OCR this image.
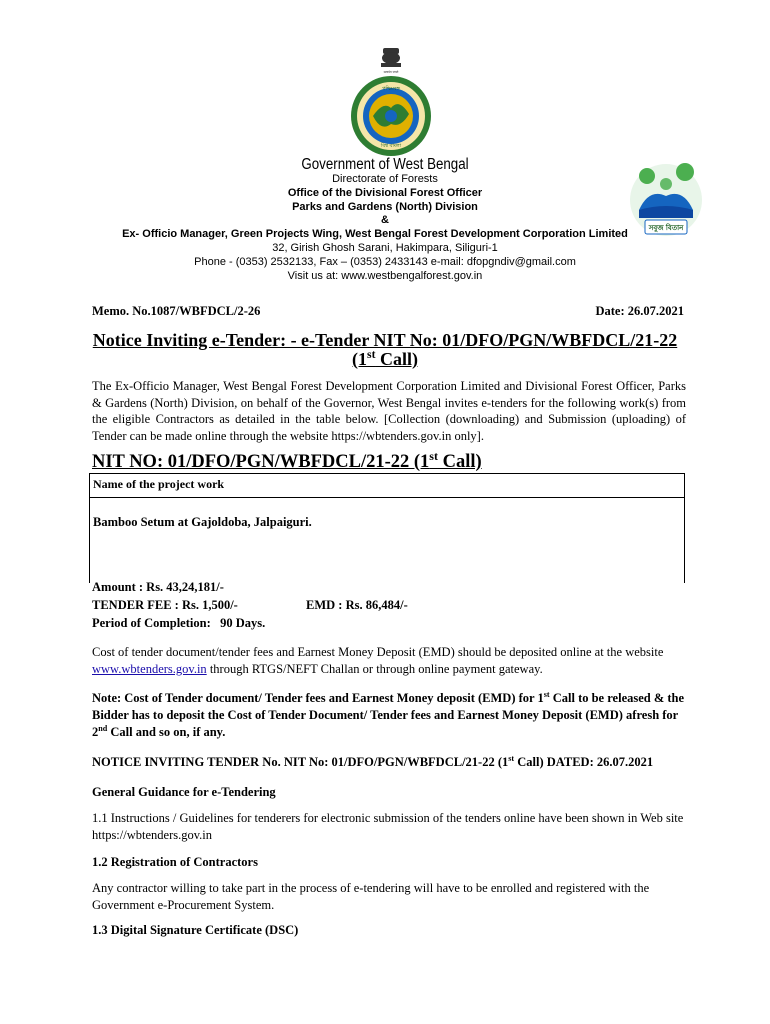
सत्यमेव जयते
পশ্চিমবঙ্গ
বিশ্ব বাংলা
সবুজ বিতান
Government of West Bengal
Directorate of Forests
Office of the Divisional Forest Officer
Parks and Gardens (North) Division
&
Ex- Officio Manager, Green Projects Wing, West Bengal Forest Development Corporation Limited
32, Girish Ghosh Sarani, Hakimpara, Siliguri-1
Phone - (0353) 2532133, Fax – (0353) 2433143 e-mail: dfopgndiv@gmail.com
Visit us at: www.westbengalforest.gov.in
Memo. No.1087/WBFDCL/2-26	Date: 26.07.2021
Notice Inviting e-Tender: - e-Tender NIT No: 01/DFO/PGN/WBFDCL/21-22
(1st Call)
The Ex-Officio Manager, West Bengal Forest Development Corporation Limited and Divisional Forest Officer, Parks & Gardens (North) Division, on behalf of the Governor, West Bengal invites e-tenders for the following work(s) from the eligible Contractors as detailed in the table below. [Collection (downloading) and Submission (uploading) of Tender can be made online through the website https://wbtenders.gov.in only].
NIT NO: 01/DFO/PGN/WBFDCL/21-22 (1st Call)
Name of the project work
Bamboo Setum at Gajoldoba, Jalpaiguri.
Amount : Rs. 43,24,181/-
TENDER FEE : Rs. 1,500/-	EMD : Rs. 86,484/-
Period of Completion: 90 Days.
Cost of tender document/tender fees and Earnest Money Deposit (EMD) should be deposited online at the website www.wbtenders.gov.in through RTGS/NEFT Challan or through online payment gateway.
Note: Cost of Tender document/ Tender fees and Earnest Money deposit (EMD) for 1st Call to be released & the Bidder has to deposit the Cost of Tender Document/ Tender fees and Earnest Money Deposit (EMD) afresh for 2nd Call and so on, if any.
NOTICE INVITING TENDER No. NIT No: 01/DFO/PGN/WBFDCL/21-22 (1st Call) DATED: 26.07.2021
General Guidance for e-Tendering
1.1 Instructions / Guidelines for tenderers for electronic submission of the tenders online have been shown in Web site https://wbtenders.gov.in
1.2 Registration of Contractors
Any contractor willing to take part in the process of e-tendering will have to be enrolled and registered with the Government e-Procurement System.
1.3 Digital Signature Certificate (DSC)
